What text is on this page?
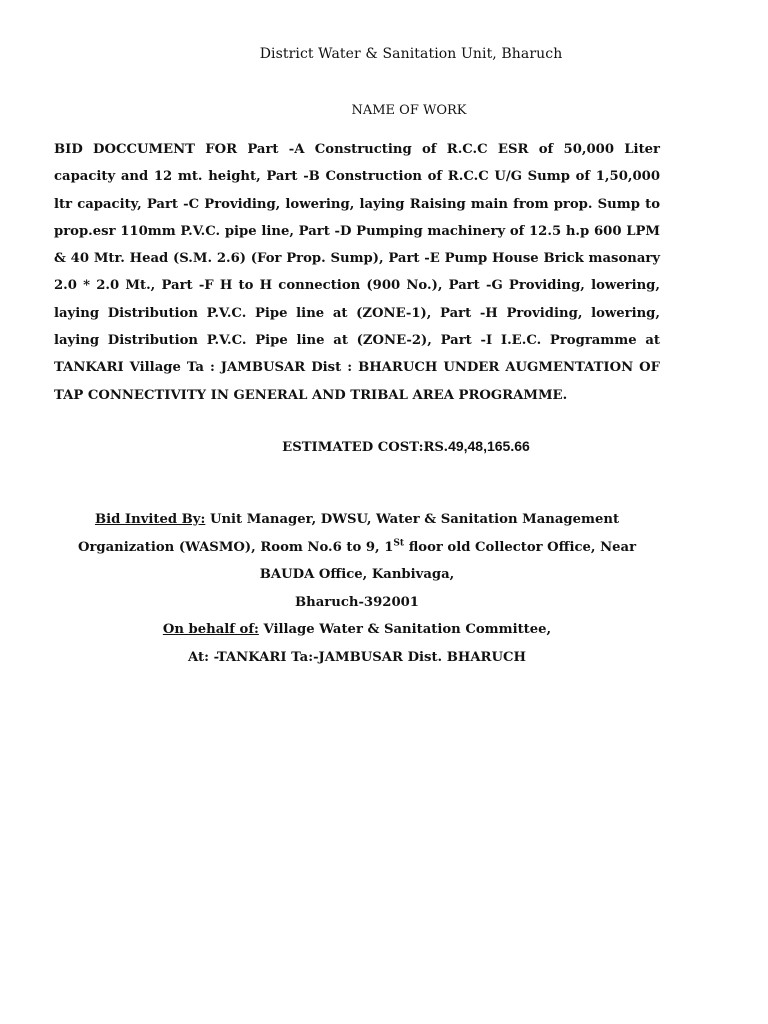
District Water & Sanitation Unit, Bharuch
NAME OF WORK
BID DOCCUMENT FOR Part -A Constructing of R.C.C ESR of 50,000 Liter capacity and 12 mt. height, Part -B Construction of R.C.C U/G Sump of 1,50,000 ltr capacity, Part -C Providing, lowering, laying Raising main from prop. Sump to prop.esr 110mm P.V.C. pipe line, Part -D Pumping machinery of 12.5 h.p 600 LPM & 40 Mtr. Head (S.M. 2.6) (For Prop. Sump), Part -E Pump House Brick masonary 2.0 * 2.0 Mt., Part -F H to H connection (900 No.), Part -G Providing, lowering, laying Distribution P.V.C. Pipe line at (ZONE-1), Part -H Providing, lowering, laying Distribution P.V.C. Pipe line at (ZONE-2), Part -I I.E.C. Programme at TANKARI Village Ta : JAMBUSAR Dist : BHARUCH UNDER AUGMENTATION OF TAP CONNECTIVITY IN GENERAL AND TRIBAL AREA PROGRAMME.
ESTIMATED COST:RS.49,48,165.66
Bid Invited By: Unit Manager, DWSU, Water & Sanitation Management Organization (WASMO), Room No.6 to 9, 1St floor old Collector Office, Near BAUDA Office, Kanbivaga,
Bharuch-392001
On behalf of: Village Water & Sanitation Committee,
At: -TANKARI Ta:-JAMBUSAR Dist. BHARUCH
